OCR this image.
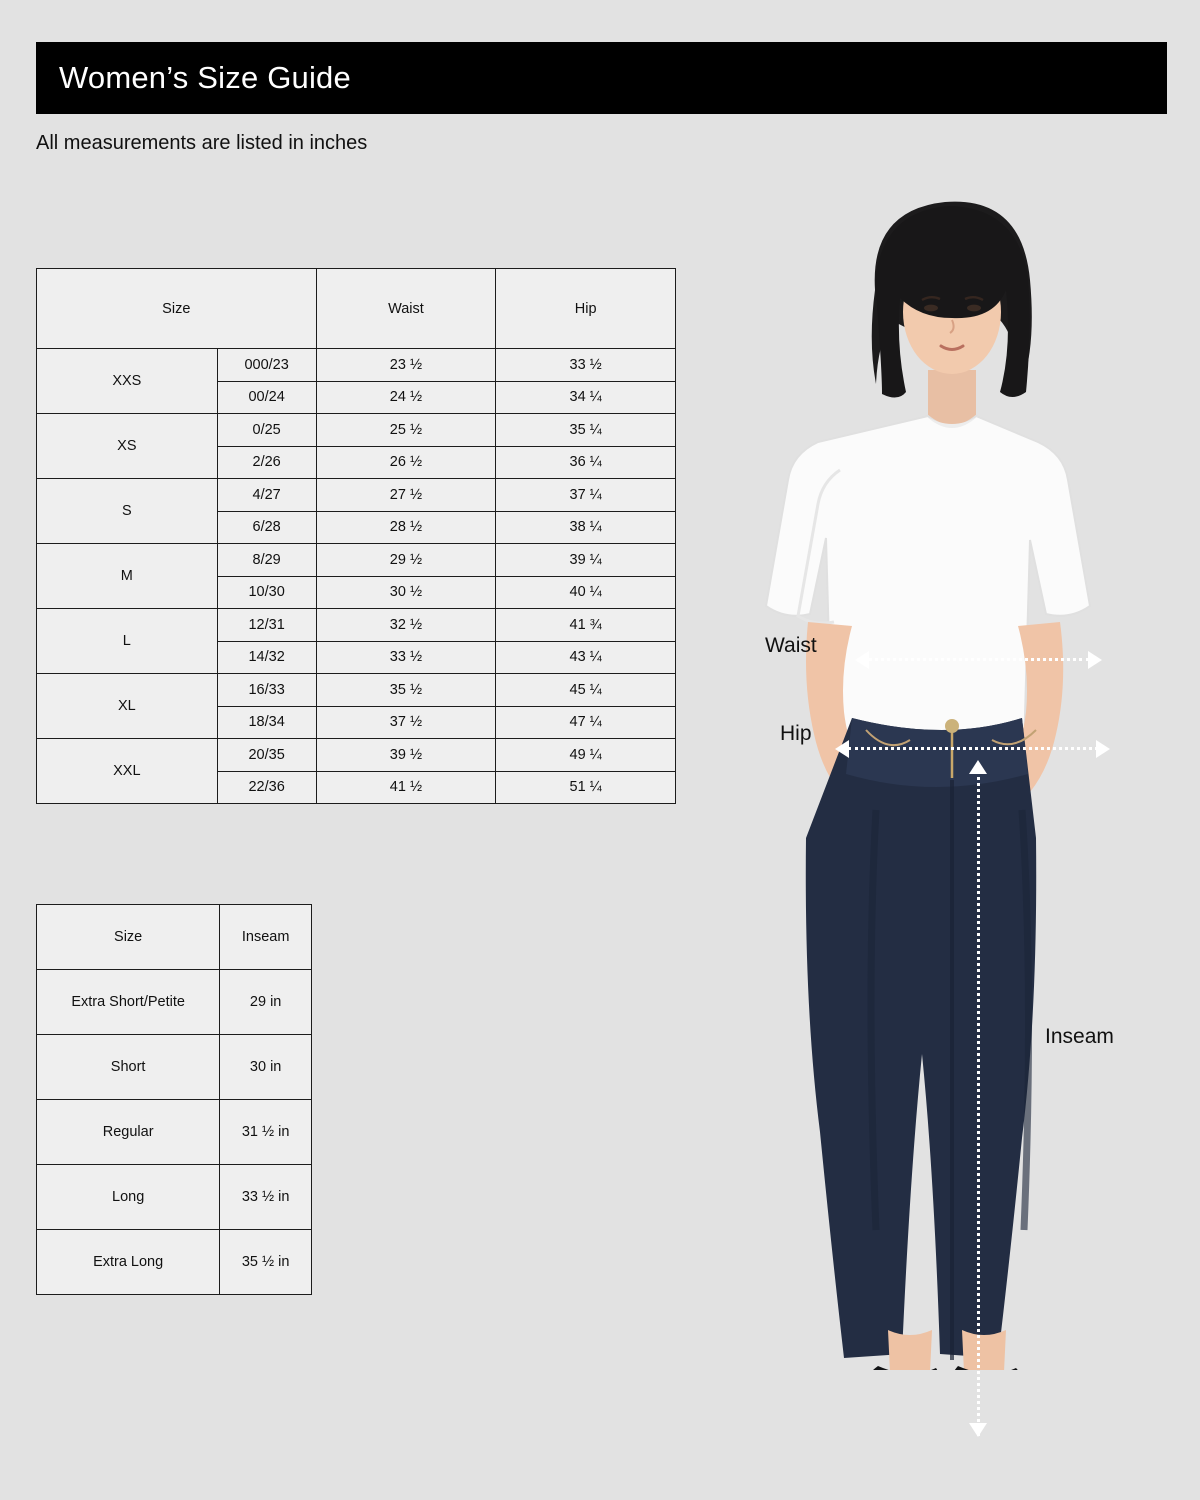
Women’s Size Guide
All measurements are listed in inches
Size		Waist	Hip
XXS	000/23	23 ½	33 ½
	00/24	24 ½	34 ¼
XS	0/25	25 ½	35 ¼
	2/26	26 ½	36 ¼
S	4/27	27 ½	37 ¼
	6/28	28 ½	38 ¼
M	8/29	29 ½	39 ¼
	10/30	30 ½	40 ¼
L	12/31	32 ½	41 ¾
	14/32	33 ½	43 ¼
XL	16/33	35 ½	45 ¼
	18/34	37 ½	47 ¼
XXL	20/35	39 ½	49 ¼
	22/36	41 ½	51 ¼
Size	Inseam
Extra Short/Petite	29 in
Short	30 in
Regular	31 ½ in
Long	33 ½ in
Extra Long	35 ½ in
Waist
Hip
Inseam
